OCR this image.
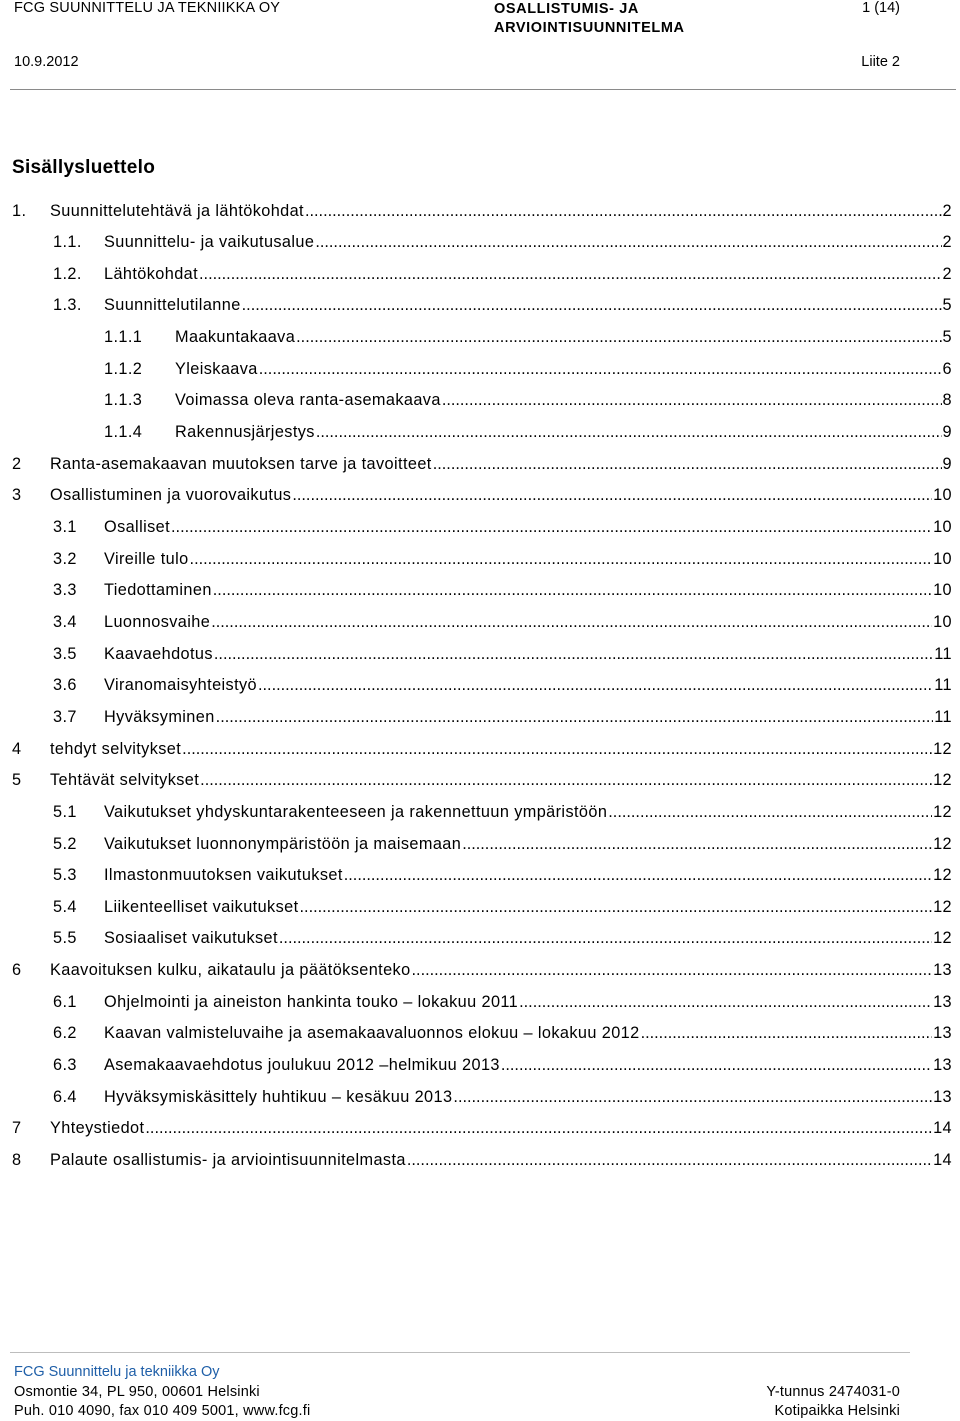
FCG SUUNNITTELU JA TEKNIIKKA OY	OSALLISTUMIS- JA
ARVIOINTISUUNNITELMA
1 (14)
10.9.2012	Liite 2
Sisällysluettelo
1.	Suunnittelutehtävä ja lähtökohdat .....	2
1.1.	Suunnittelu- ja vaikutusalue .....	2
1.2.	Lähtökohdat .....	2
1.3.	Suunnittelutilanne .....	5
1.1.1	Maakuntakaava .....	5
1.1.2	Yleiskaava .....	6
1.1.3	Voimassa oleva ranta-asemakaava .....	8
1.1.4	Rakennusjärjestys .....	9
2	Ranta-asemakaavan muutoksen tarve ja tavoitteet .....	9
3	Osallistuminen ja vuorovaikutus .....	10
3.1	Osalliset .....	10
3.2	Vireille tulo .....	10
3.3	Tiedottaminen .....	10
3.4	Luonnosvaihe .....	10
3.5	Kaavaehdotus .....	11
3.6	Viranomaisyhteistyö .....	11
3.7	Hyväksyminen .....	11
4	tehdyt selvitykset .....	12
5	Tehtävät selvitykset .....	12
5.1	Vaikutukset yhdyskuntarakenteeseen ja rakennettuun ympäristöön .....	12
5.2	Vaikutukset luonnonympäristöön ja maisemaan .....	12
5.3	Ilmastonmuutoksen vaikutukset .....	12
5.4	Liikenteelliset vaikutukset .....	12
5.5	Sosiaaliset vaikutukset .....	12
6	Kaavoituksen kulku, aikataulu ja päätöksenteko .....	13
6.1	Ohjelmointi ja aineiston hankinta touko – lokakuu 2011 .....	13
6.2	Kaavan valmisteluvaihe ja asemakaavaluonnos elokuu – lokakuu 2012 .....	13
6.3	Asemakaavaehdotus joulukuu 2012 –helmikuu 2013 .....	13
6.4	Hyväksymiskäsittely huhtikuu – kesäkuu 2013 .....	13
7	Yhteystiedot .....	14
8	Palaute osallistumis- ja arviointisuunnitelmasta .....	14
FCG Suunnittelu ja tekniikka Oy
Osmontie 34, PL 950, 00601 Helsinki
Puh. 010 4090, fax 010 409 5001, www.fcg.fi
Y-tunnus 2474031-0
Kotipaikka Helsinki
